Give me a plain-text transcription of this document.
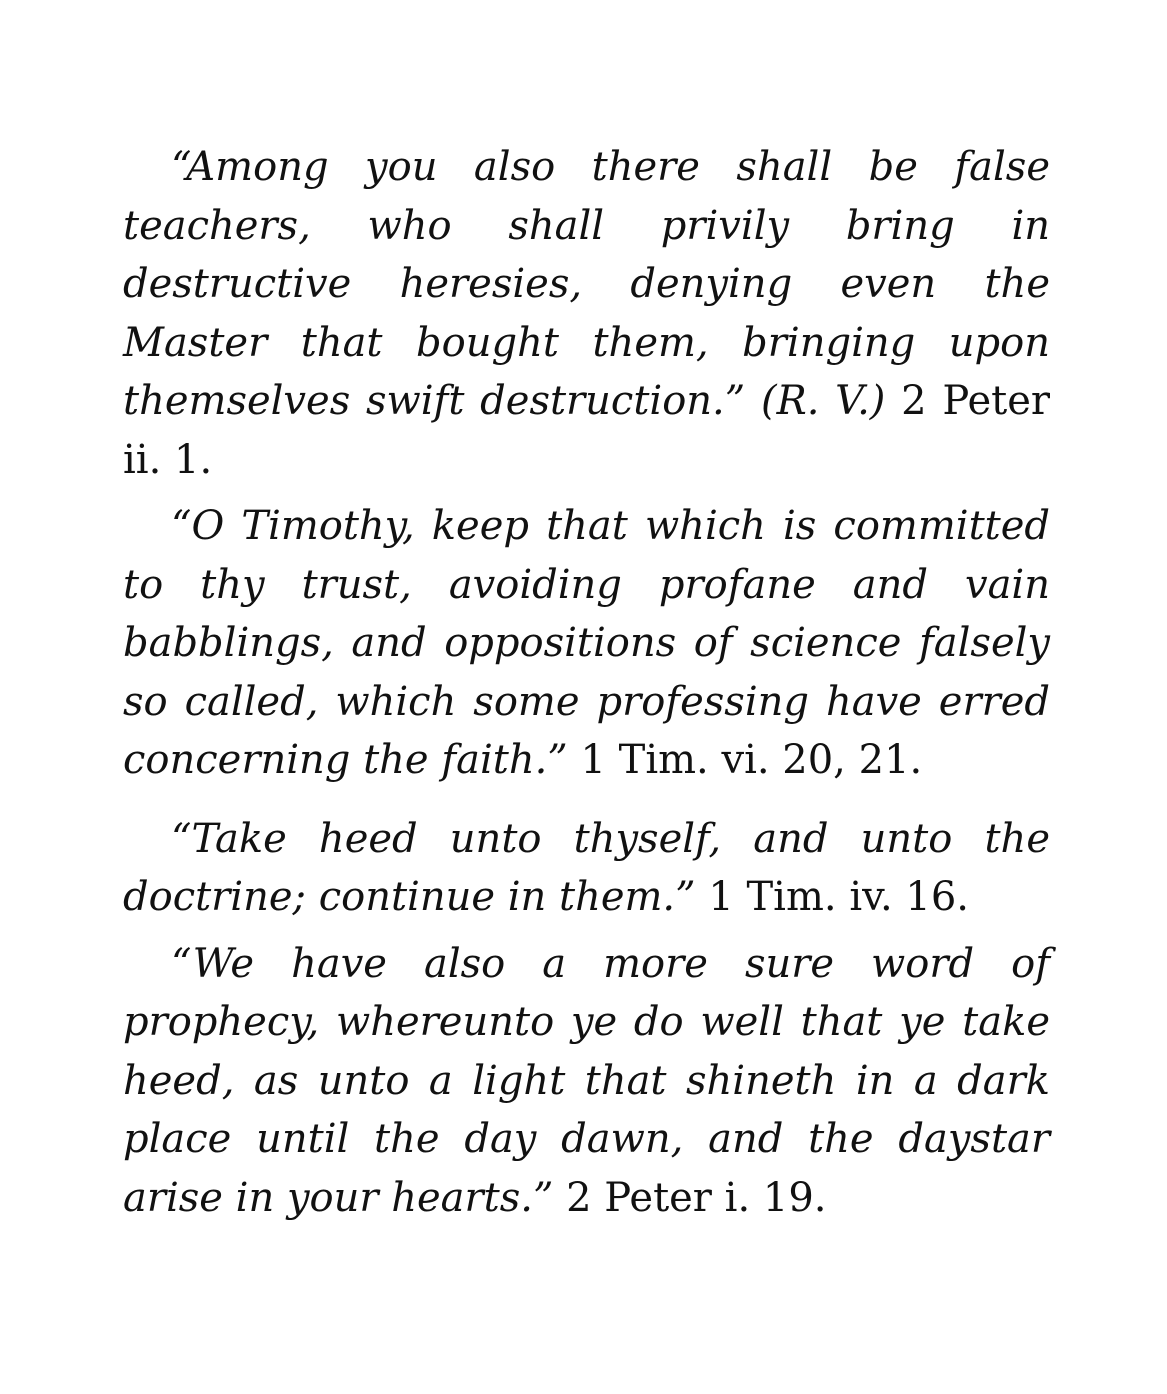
“Among you also there shall be false teachers, who shall privily bring in destructive heresies, denying even the Master that bought them, bringing upon themselves swift destruction.” (R. V.) 2 Peter ii. 1.

“O Timothy, keep that which is committed to thy trust, avoiding profane and vain babblings, and oppositions of science falsely so called, which some professing have erred concerning the faith.” 1 Tim. vi. 20, 21.

“Take heed unto thyself, and unto the doctrine; continue in them.” 1 Tim. iv. 16.

“We have also a more sure word of prophecy, whereunto ye do well that ye take heed, as unto a light that shineth in a dark place until the day dawn, and the daystar arise in your hearts.” 2 Peter i. 19.
